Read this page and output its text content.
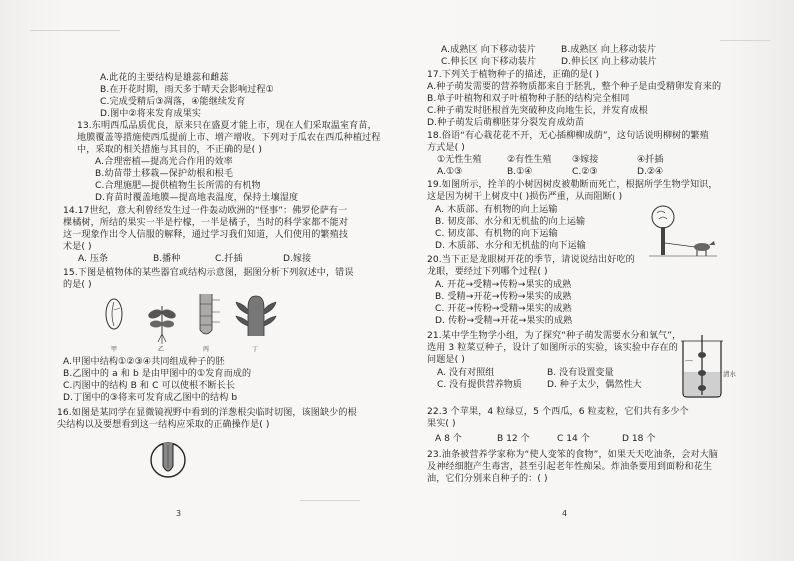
A.此花的主要结构是雄蕊和雌蕊
B.在开花时期，雨天多于晴天会影响过程①
C.完成受精后③凋落，④能继续发育
D.图中②将来发育成果实
13.东明西瓜品质优良，原来只在盛夏才能上市，现在人们采取温室育苗，
地膜覆盖等措施使西瓜提前上市、增产增收。下列对于瓜农在西瓜种植过程
中，采取的相关措施与其目的，不正确的是( )
A.合理密植—提高光合作用的效率
B.幼苗带土移栽—保护幼根和根毛
C.合理施肥—提供植物生长所需的有机物
D.育苗时覆盖地膜—提高地表温度，保持土壤湿度
14.17世纪，意大利曾经发生过一件轰动欧洲的“怪事”：佛罗伦萨有一
棵橘树，所结的果实一半是柠檬，一半是橘子，当时的科学家都不能对
这一现象作出令人信服的解释，通过学习我们知道，人们使用的繁殖技
术是( )
A. 压条	B.播种	C.扦插	D.嫁接
15.下图是植物体的某些器官或结构示意图，据图分析下列叙述中，错误
的是( )
甲	乙	丙	丁
A.甲图中结构①②③④共同组成种子的胚
B.乙图中的 a 和 b 是由甲图中的①发育而成的
C.丙图中的结构 B 和 C 可以使根不断长长
D.丁图中的③将来可发育成乙图中的结构 b
16.如图是某同学在显微镜视野中看到的洋葱根尖临时切图，该图缺少的根
尖结构以及要想看到这一结构应采取的正确操作是( )
3
A.成熟区 向下移动装片	B.成熟区 向上移动装片
C.伸长区 向下移动装片	D.伸长区 向上移动装片
17.下列关于植物种子的描述，正确的是( )
A.种子萌发需要的营养物质都来自于胚乳，整个种子是由受精卵发育来的
B.单子叶植物和双子叶植物种子胚的结构完全相同
C.种子萌发时胚根首先突破种皮向地生长，并发育成根
D.种子萌发后萌柳胚芽分裂发育成幼苗
18.俗语“有心栽花花不开，无心插柳柳成荫”，这句话说明柳树的繁殖
方式是( )
①无性生殖	②有性生殖 ③嫁接	④扦插
A.①③	B.①④	C.②③	D.②④
19.如图所示，拴羊的小树因树皮被勒断而死亡，根据所学生物学知识，
这是因为树干上树皮中( )损伤严重，从而阻断( )
A. 木质部、有机物的向上运输
B. 韧皮部、水分和无机盐的向上运输
C. 韧皮部、有机物的向下运输
D. 木质部、水分和无机盐的向下运输
20.当下正是龙眼树开花的季节，请说说结出好吃的
龙眼，要经过下列哪个过程( )
A. 开花→受精→传粉→果实的成熟
B. 受精→开花→传粉→果实的成熟
C. 开花→传粉→受精→果实的成熟
D. 传粉→受精→开花→果实的成熟
21.某中学生物学小组，为了探究“种子萌发需要水分和氧气”，
选用 3 粒菜豆种子，设计了如图所示的实验，该实验中存在的
问题是( )
A. 没有对照组	B. 没有设置变量
C. 没有提供营养物质	D. 种子太少，偶然性大
清水
22.3 个苹果，4 粒绿豆，5 个西瓜，6 粒麦粒，它们共有多少个
果实( )
A 8 个	B 12 个	C 14 个	D 18 个
23.油条被营养学家称为“使人变笨的食物”，如果天天吃油条，会对大脑
及神经细胞产生毒害，甚至引起老年性痴呆。炸油条要用到面粉和花生
油，它们分别来自种子的：( )
4
